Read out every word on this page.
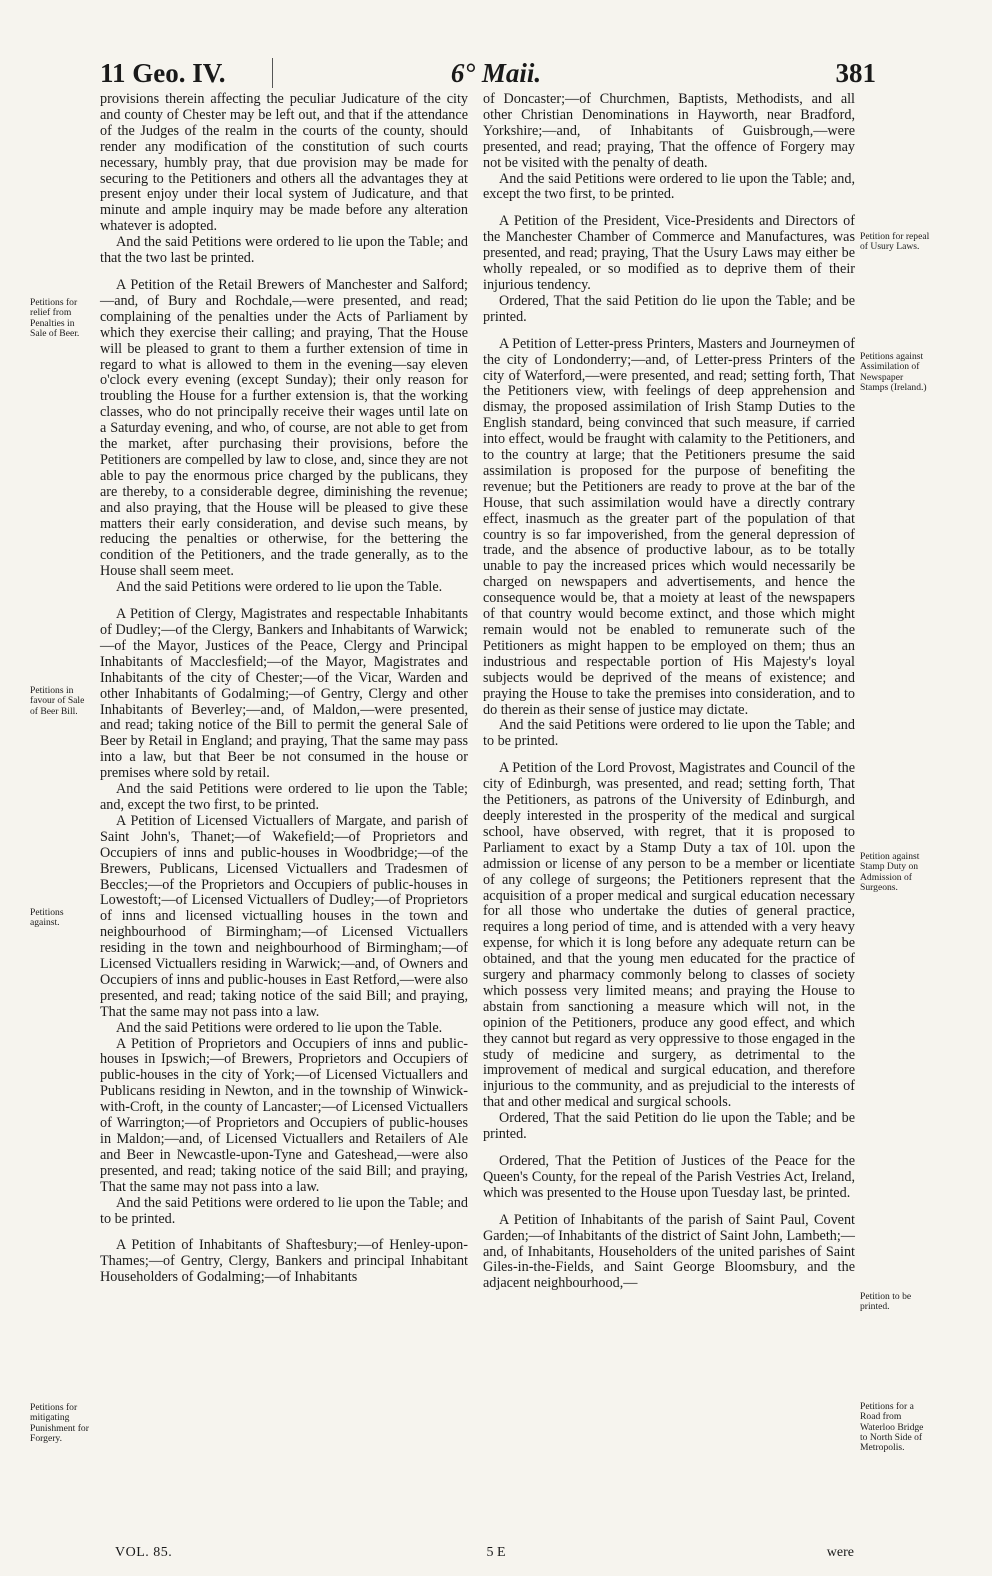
11 Geo. IV.	6° Maii.	381

provisions therein affecting the peculiar Judicature of the city and county of Chester may be left out, and that if the attendance of the Judges of the realm in the courts of the county, should render any modification of the constitution of such courts necessary, humbly pray, that due provision may be made for securing to the Petitioners and others all the advantages they at present enjoy under their local system of Judicature, and that minute and ample inquiry may be made before any alteration whatever is adopted.

And the said Petitions were ordered to lie upon the Table; and that the two last be printed.

A Petition of the Retail Brewers of Manchester and Salford;—and, of Bury and Rochdale,—were presented, and read; complaining of the penalties under the Acts of Parliament by which they exercise their calling; and praying, That the House will be pleased to grant to them a further extension of time in regard to what is allowed to them in the evening—say eleven o'clock every evening (except Sunday); their only reason for troubling the House for a further extension is, that the working classes, who do not principally receive their wages until late on a Saturday evening, and who, of course, are not able to get from the market, after purchasing their provisions, before the Petitioners are compelled by law to close, and, since they are not able to pay the enormous price charged by the publicans, they are thereby, to a considerable degree, diminishing the revenue; and also praying, that the House will be pleased to give these matters their early consideration, and devise such means, by reducing the penalties or otherwise, for the bettering the condition of the Petitioners, and the trade generally, as to the House shall seem meet.

And the said Petitions were ordered to lie upon the Table.

A Petition of Clergy, Magistrates and respectable Inhabitants of Dudley;—of the Clergy, Bankers and Inhabitants of Warwick;—of the Mayor, Justices of the Peace, Clergy and Principal Inhabitants of Macclesfield;—of the Mayor, Magistrates and Inhabitants of the city of Chester;—of the Vicar, Warden and other Inhabitants of Godalming;—of Gentry, Clergy and other Inhabitants of Beverley;—and, of Maldon,—were presented, and read; taking notice of the Bill to permit the general Sale of Beer by Retail in England; and praying, That the same may pass into a law, but that Beer be not consumed in the house or premises where sold by retail.

And the said Petitions were ordered to lie upon the Table; and, except the two first, to be printed.

A Petition of Licensed Victuallers of Margate, and parish of Saint John's, Thanet;—of Wakefield;—of Proprietors and Occupiers of inns and public-houses in Woodbridge;—of the Brewers, Publicans, Licensed Victuallers and Tradesmen of Beccles;—of the Proprietors and Occupiers of public-houses in Lowestoft;—of Licensed Victuallers of Dudley;—of Proprietors of inns and licensed victualling houses in the town and neighbourhood of Birmingham;—of Licensed Victuallers residing in the town and neighbourhood of Birmingham;—of Licensed Victuallers residing in Warwick;—and, of Owners and Occupiers of inns and public-houses in East Retford,—were also presented, and read; taking notice of the said Bill; and praying, That the same may not pass into a law.

And the said Petitions were ordered to lie upon the Table.

A Petition of Proprietors and Occupiers of inns and public-houses in Ipswich;—of Brewers, Proprietors and Occupiers of public-houses in the city of York;—of Licensed Victuallers and Publicans residing in Newton, and in the township of Winwick-with-Croft, in the county of Lancaster;—of Licensed Victuallers of Warrington;—of Proprietors and Occupiers of public-houses in Maldon;—and, of Licensed Victuallers and Retailers of Ale and Beer in Newcastle-upon-Tyne and Gateshead,—were also presented, and read; taking notice of the said Bill; and praying, That the same may not pass into a law.

And the said Petitions were ordered to lie upon the Table; and to be printed.

A Petition of Inhabitants of Shaftesbury;—of Henley-upon-Thames;—of Gentry, Clergy, Bankers and principal Inhabitant Householders of Godalming;—of Inhabitants

of Doncaster;—of Churchmen, Baptists, Methodists, and all other Christian Denominations in Hayworth, near Bradford, Yorkshire;—and, of Inhabitants of Guisbrough,—were presented, and read; praying, That the offence of Forgery may not be visited with the penalty of death.

And the said Petitions were ordered to lie upon the Table; and, except the two first, to be printed.

A Petition of the President, Vice-Presidents and Directors of the Manchester Chamber of Commerce and Manufactures, was presented, and read; praying, That the Usury Laws may either be wholly repealed, or so modified as to deprive them of their injurious tendency.

Ordered, That the said Petition do lie upon the Table; and be printed.

A Petition of Letter-press Printers, Masters and Journeymen of the city of Londonderry;—and, of Letter-press Printers of the city of Waterford,—were presented, and read; setting forth, That the Petitioners view, with feelings of deep apprehension and dismay, the proposed assimilation of Irish Stamp Duties to the English standard, being convinced that such measure, if carried into effect, would be fraught with calamity to the Petitioners, and to the country at large; that the Petitioners presume the said assimilation is proposed for the purpose of benefiting the revenue; but the Petitioners are ready to prove at the bar of the House, that such assimilation would have a directly contrary effect, inasmuch as the greater part of the population of that country is so far impoverished, from the general depression of trade, and the absence of productive labour, as to be totally unable to pay the increased prices which would necessarily be charged on newspapers and advertisements, and hence the consequence would be, that a moiety at least of the newspapers of that country would become extinct, and those which might remain would not be enabled to remunerate such of the Petitioners as might happen to be employed on them; thus an industrious and respectable portion of His Majesty's loyal subjects would be deprived of the means of existence; and praying the House to take the premises into consideration, and to do therein as their sense of justice may dictate.

And the said Petitions were ordered to lie upon the Table; and to be printed.

A Petition of the Lord Provost, Magistrates and Council of the city of Edinburgh, was presented, and read; setting forth, That the Petitioners, as patrons of the University of Edinburgh, and deeply interested in the prosperity of the medical and surgical school, have observed, with regret, that it is proposed to Parliament to exact by a Stamp Duty a tax of 10l. upon the admission or license of any person to be a member or licentiate of any college of surgeons; the Petitioners represent that the acquisition of a proper medical and surgical education necessary for all those who undertake the duties of general practice, requires a long period of time, and is attended with a very heavy expense, for which it is long before any adequate return can be obtained, and that the young men educated for the practice of surgery and pharmacy commonly belong to classes of society which possess very limited means; and praying the House to abstain from sanctioning a measure which will not, in the opinion of the Petitioners, produce any good effect, and which they cannot but regard as very oppressive to those engaged in the study of medicine and surgery, as detrimental to the improvement of medical and surgical education, and therefore injurious to the community, and as prejudicial to the interests of that and other medical and surgical schools.

Ordered, That the said Petition do lie upon the Table; and be printed.

Ordered, That the Petition of Justices of the Peace for the Queen's County, for the repeal of the Parish Vestries Act, Ireland, which was presented to the House upon Tuesday last, be printed.

A Petition of Inhabitants of the parish of Saint Paul, Covent Garden;—of Inhabitants of the district of Saint John, Lambeth;—and, of Inhabitants, Householders of the united parishes of Saint Giles-in-the-Fields, and Saint George Bloomsbury, and the adjacent neighbourhood,—

Petitions for relief from Penalties in Sale of Beer.
Petitions in favour of Sale of Beer Bill.
Petitions against.
Petitions for mitigating Punishment for Forgery.
Petition for repeal of Usury Laws.
Petitions against Assimilation of Newspaper Stamps (Ireland.)
Petition against Stamp Duty on Admission of Surgeons.
Petition to be printed.
Petitions for a Road from Waterloo Bridge to North Side of Metropolis.
VOL. 85.	5 E	were
